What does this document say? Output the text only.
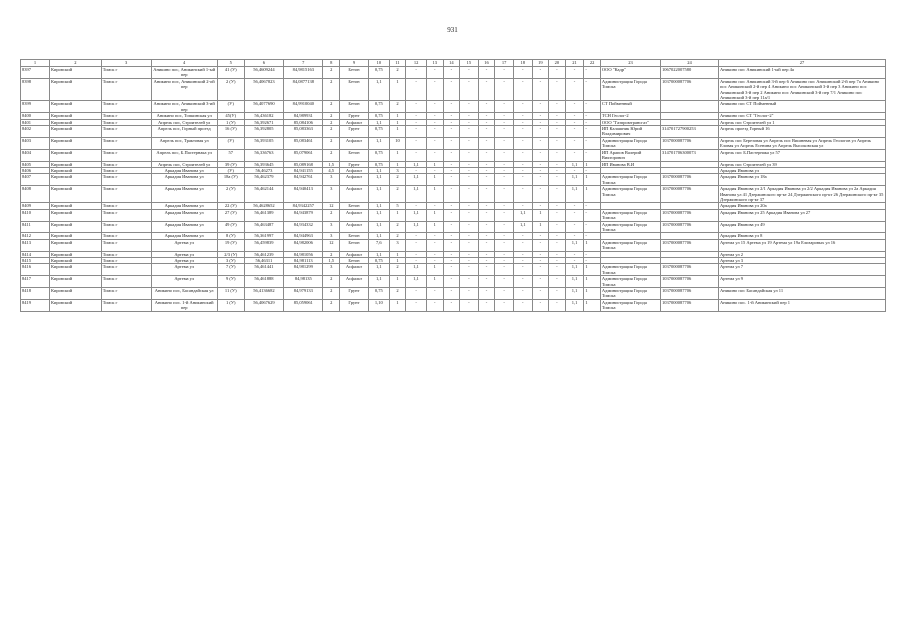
931
1	2	3	4	5	6	7	8	9	10	11	12	13	14	15	16	17	18	19	20	21	22	23	24	27
8397	Кировский	Томск г	Аникино пос, Аникинский 1-ый пер	41 (У)	56,4609244	84,9815163	2	Бетон	0,75	2	-	-	-	-	-	-	-	-	-	-	-	ООО "Кадр"	1067022007580	Аникино пос Аникинский 1-ый пер 4а
8398	Кировский	Томск г	Аникино пос, Аникинский 2-ой пер	2 (У)	56,4067823	84,0877138	2	Бетон	1,1	1	-	-	-	-	-	-	-	-	-	-	-	Администрация Города Томска	1037000087706	Аникино пос Аникинский 3-й пер 6 Аникино пос Аникинский 2-й пер 7а Аникино пос Аникинский 2-й пер 4 Аникино пос Аникинский 3-й пер 3 Аникино пос Аникинский 3-й пер 2 Аникино пос Аникинский 3-й пер 7/1 Аникино пос Аникинский 3-й пер 11а/1
8399	Кировский	Томск г	Аникино пос, Аникинский 3-ий пер	(У)	56,4077690	84,9910040	2	Бетон	0,75	2	-	-	-	-	-	-	-	-	-	-	-	СТ Пойменный		Аникино пос СТ Пойменный
8400	Кировский	Томск г	Аникино пос, Топкинская ул	45(У)	56,436182	84,989931	2	Грунт	0,75	1	-	-	-	-	-	-	-	-	-	-	-	ТСН Геолог-2		Аникино пос СТ "Геолог-2"
8401	Кировский	Томск г	Апрель пос, Строителей ул	1 (У)	56,392671	85,084106	2	Асфальт	1,1	1	-	-	-	-	-	-	-	-	-	-	-	ООО "Газпромтрансгаз"		Апрель пос Строителей ул 1
8402	Кировский	Томск г	Апрель пос, Горный проезд	16 (У)	56,392805	85,083363	2	Грунт	0,75	1	-	-	-	-	-	-	-	-	-	-	-	ИП Калашник Юрий Владимирович	314701727900253	Апрель проезд Горный 16
8403	Кировский	Томск г	Апрель пос, Трактовая ул	(У)	56,393105	85,083461	2	Асфальт	1,1	10	-	-	-	-	-	-	-	-	-	-	-	Администрация Города Томска	1037000087706	Апрель пос Березовая ул Апрель пос Вишневая ул Апрель Геологов ул Апрель Еловая ул Апрель Есенина ул Апрель Высоковская ул
8404	Кировский	Томск г	Апрель пос, Б.Пастернака ул	57	56,336763	85,079061	2	Бетон	0,75	1	-	-	-	-	-	-	-	-	-	-	-	ИП Арапов Валерий Викторович	314701706300073	Апрель пос Б.Пастернака ул 57
8405	Кировский	Томск г	Апрель пос, Строителей ул	39 (У)	56,393645	85,089168	1,5	Грунт	0,75	1	1,1	1	-	-	-	-	-	-	-	1,1	1	ИП Иванова В.И		Апрель пос Строителей ул 39
8406	Кировский	Томск г	Аркадия Иванова ул	(У)	56,46273	84,941155	4,5	Асфальт	1,1	3	-	-	-	-	-	-	-	-	-	-	-			Аркадия Иванова ул
8407	Кировский	Томск г	Аркадия Иванова ул	18а (У)	56,462379	84,942761	3	Асфальт	1,1	2	1,1	1	-	-	-	-	-	-	-	1,1	1	Администрация Города Томска	1037000087706	Аркадия Иванова ул 18а
8408	Кировский	Томск г	Аркадия Иванова ул	2 (У)	56,462144	84,940413	3	Асфальт	1,1	2	1,1	1	-	-	-	-	-	-	-	1,1	1	Администрация Города Томска	1037000087706	Аркадия Иванова ул 2/1 Аркадия Иванова ул 2/2 Аркадия Иванова ул 2а Аркадия Иванова ул 41 Дзержинского пр-кт 24 Дзержинского пр-кт 26 Дзержинского пр-кт 35 Дзержинского пр-кт 37
8409	Кировский	Томск г	Аркадия Иванова ул	22 (У)	56,4628652	84,9342257	12	Бетон	1,1	5	-	-	-	-	-	-	-	-	-	-	-			Аркадия Иванова ул 20а
8410	Кировский	Томск г	Аркадия Иванова ул	27 (У)	56,461389	84,943879	2	Асфальт	1,1	1	1,1	1	-	-	-	-	1,1	1	-	-	-	Администрация Города Томска	1037000087706	Аркадия Иванова ул 25 Аркадия Иванова ул 27
8411	Кировский	Томск г	Аркадия Иванова ул	49 (У)	56,463487	84,934332	3	Асфальт	1,1	2	1,1	1	-	-	-	-	1,1	1	-	-	-	Администрация Города Томска	1037000087706	Аркадия Иванова ул 49
8412	Кировский	Томск г	Аркадия Иванова ул	8 (У)	56,361997	84,944963	3	Бетон	1,1	2	-	-	-	-	-	-	-	-	-	-	-			Аркадия Иванова ул 8
8413	Кировский	Томск г	Артема ул	19 (У)	56,459839	84,982006	12	Бетон	7,6	3	-	-	-	-	-	-	-	-	-	1,1	1	Администрация Города Томска	1037000087706	Артема ул 15 Артема ул 19 Артема ул 19а Елизаровых ул 16
8414	Кировский	Томск г	Артема ул	2/3 (У)	56,461239	84,981056	2	Асфальт	1,1	1	-	-	-	-	-	-	-	-	-	-	-			Артема ул 2
8415	Кировский	Томск г	Артема ул	3 (У)	56,46311	84,981113	1,5	Бетон	0,75	1	-	-	-	-	-	-	-	-	-	-	-			Артема ул 3
8416	Кировский	Томск г	Артема ул	7 (У)	56,461441	84,981299	3	Асфальт	1,1	2	1,1	1	-	-	-	-	-	-	-	1,1	1	Администрация Города Томска	1037000087706	Артема ул 7
8417	Кировский	Томск г	Артема ул	9 (У)	56,461888	84,98135	2	Асфальт	1,1	1	1,1	1	-	-	-	-	-	-	-	1,1	1	Администрация Города Томска	1037000087706	Артема ул 9
8418	Кировский	Томск г	Аникино пос, Басандайская ул	11 (У)	56,4136682	84,979133	2	Грунт	0,75	2	-	-	-	-	-	-	-	-	-	1,1	1	Администрация Города Томска	1037000087706	Аникино пос Басандайская ул 11
8419	Кировский	Томск г	Аникино пос. 1-й Аникинский пер	1 (У)	56,4067629	85,059061	2	Грунт	1,10	1	-	-	-	-	-	-	-	-	-	1,1	1	Администрация Города Томска	1037000087706	Аникино пос. 1-й Аникинский пер 1
